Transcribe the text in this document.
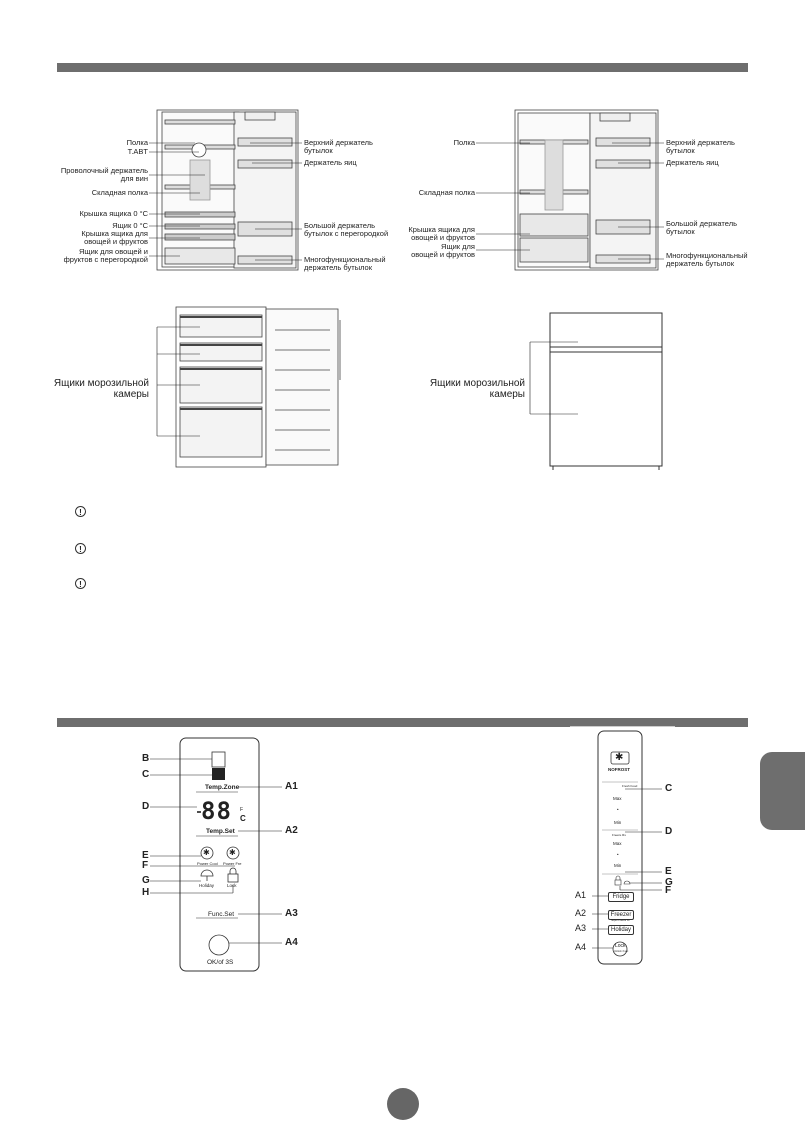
Полка
T.ABT
Проволочный держатель
для вин
Складная полка
Крышка ящика 0 °C
Ящик 0 °C
Крышка ящика для
овощей и фруктов
Ящик для овощей и
фруктов с перегородкой
Верхний держатель
бутылок
Держатель яиц
Большой держатель
бутылок с перегородкой
Многофункциональный
держатель бутылок
Полка
Складная полка
Крышка ящика для
овощей и фруктов
Ящик для
овощей и фруктов
Верхний держатель
бутылок
Держатель яиц
Большой держатель
бутылок
Многофункциональный
держатель бутылок
Ящики морозильной
камеры
Ящики морозильной
камеры
!
!
!
B
C
D
E
F
G
H
A1
A2
A3
A4
Temp.Zone
88 F
C
Temp.Set
✱ ✱
Power Cool Power Fre
Holiday	Lock
Func.Set
OK/of 3S
✱
NOFROST
Fresh Food
Max
•
Min
Freeze Rs
Max
•
Min
Fridge
Freezer
Super Freeze 3s
Holiday
Lock
Unlock 3 sec
C
D
E
G
F
A1
A2
A3
A4
